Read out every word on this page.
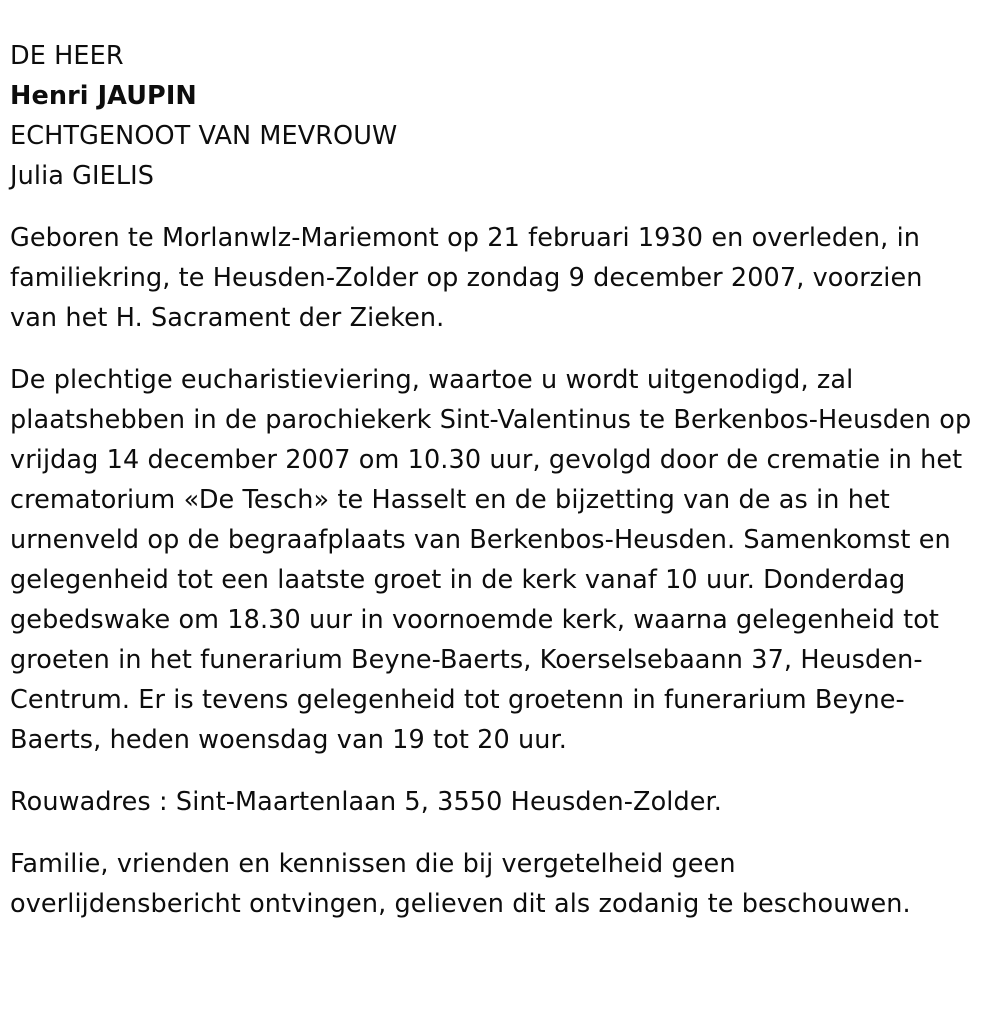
DE HEER
Henri JAUPIN
ECHTGENOOT VAN MEVROUW
Julia GIELIS
Geboren te Morlanwlz-Mariemont op 21 februari 1930 en overleden, in familiekring, te Heusden-Zolder op zondag 9 december 2007, voorzien van het H. Sacrament der Zieken.
De plechtige eucharistieviering, waartoe u wordt uitgenodigd, zal plaatshebben in de parochiekerk Sint-Valentinus te Berkenbos-Heusden op vrijdag 14 december 2007 om 10.30 uur, gevolgd door de crematie in het crematorium «De Tesch» te Hasselt en de bijzetting van de as in het urnenveld op de begraafplaats van Berkenbos-Heusden. Samenkomst en gelegenheid tot een laatste groet in de kerk vanaf 10 uur. Donderdag gebedswake om 18.30 uur in voornoemde kerk, waarna gelegenheid tot groeten in het funerarium Beyne-Baerts, Koerselsebaann 37, Heusden-Centrum. Er is tevens gelegenheid tot groetenn in funerarium Beyne-Baerts, heden woensdag van 19 tot 20 uur.
Rouwadres : Sint-Maartenlaan 5, 3550 Heusden-Zolder.
Familie, vrienden en kennissen die bij vergetelheid geen overlijdensbericht ontvingen, gelieven dit als zodanig te beschouwen.
